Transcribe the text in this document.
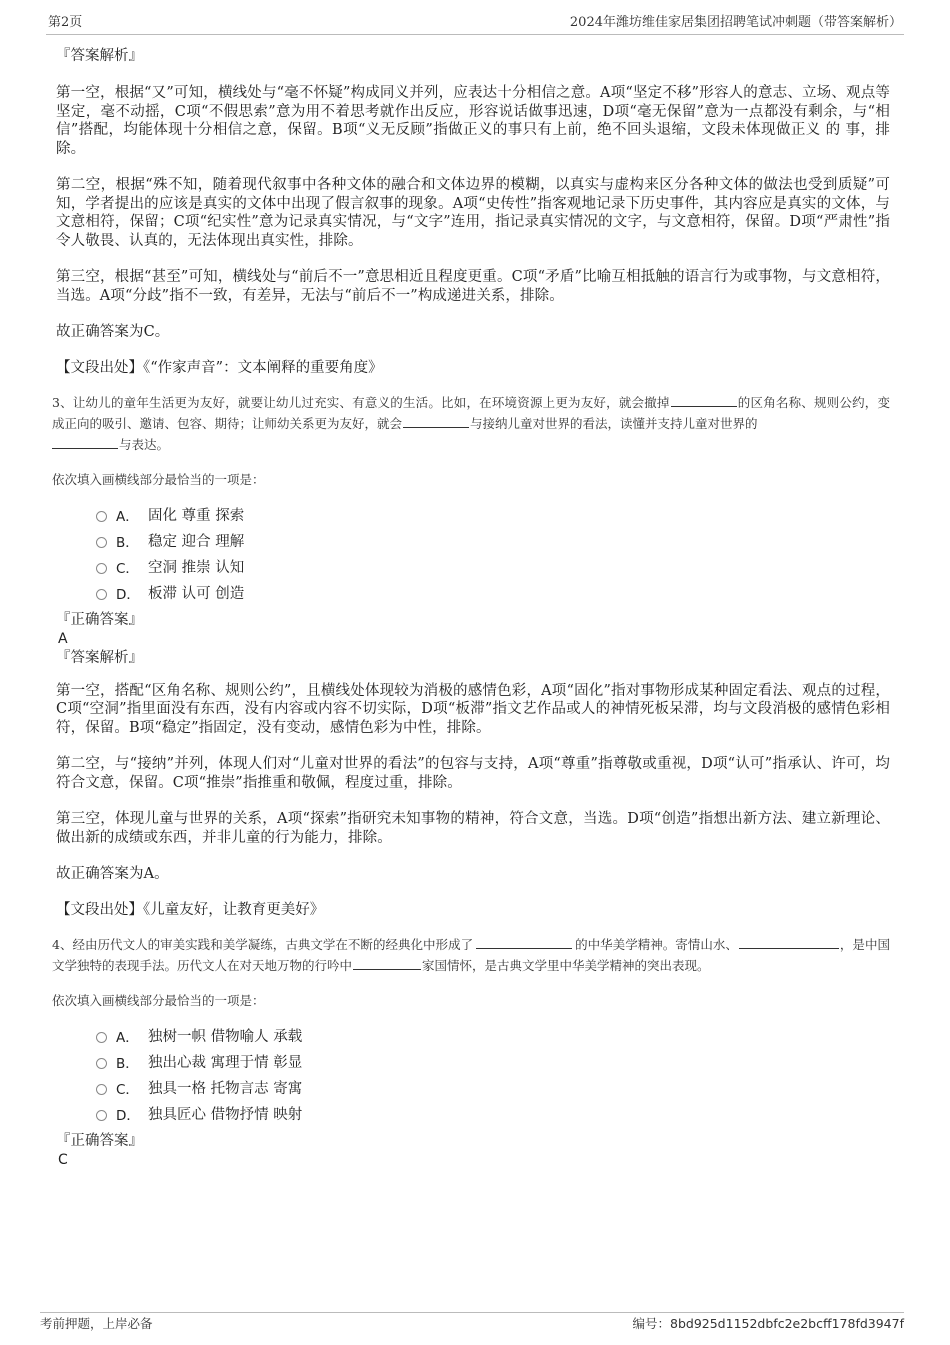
第2页	2024年潍坊维佳家居集团招聘笔试冲刺题（带答案解析）

『答案解析』

第一空，根据“又”可知，横线处与“毫不怀疑”构成同义并列，应表达十分相信之意。A项“坚定不移”形容人的意志、立场、观点等坚定，毫不动摇，C项“不假思索”意为用不着思考就作出反应，形容说话做事迅速，D项“毫无保留”意为一点都没有剩余，与“相信”搭配，均能体现十分相信之意，保留。B项“义无反顾”指做正义的事只有上前，绝不回头退缩，文段未体现做正义 的 事，排除。

第二空，根据“殊不知，随着现代叙事中各种文体的融合和文体边界的模糊，以真实与虚构来区分各种文体的做法也受到质疑”可知，学者提出的应该是真实的文体中出现了假言叙事的现象。A项“史传性”指客观地记录下历史事件，其内容应是真实的文体，与文意相符，保留；C项“纪实性”意为记录真实情况，与“文字”连用，指记录真实情况的文字，与文意相符，保留。D项“严肃性”指令人敬畏、认真的，无法体现出真实性，排除。

第三空，根据“甚至”可知，横线处与“前后不一”意思相近且程度更重。C项“矛盾”比喻互相抵触的语言行为或事物，与文意相符，当选。A项“分歧”指不一致，有差异，无法与“前后不一”构成递进关系，排除。

故正确答案为C。

【文段出处】《“作家声音”：文本阐释的重要角度》

3、让幼儿的童年生活更为友好，就要让幼儿过充实、有意义的生活。比如，在环境资源上更为友好，就会撤掉	的区角名称、规则公约，变成正向的吸引、邀请、包容、期待；让师幼关系更为友好，就会	与接纳儿童对世界的看法，读懂并支持儿童对世界的
与表达。

依次填入画横线部分最恰当的一项是：

A． 固化 尊重 探索
B． 稳定 迎合 理解
C． 空洞 推崇 认知
D． 板滞 认可 创造

『正确答案』

A

『答案解析』

第一空，搭配“区角名称、规则公约”，且横线处体现较为消极的感情色彩，A项“固化”指对事物形成某种固定看法、观点的过程，C项“空洞”指里面没有东西，没有内容或内容不切实际，D项“板滞”指文艺作品或人的神情死板呆滞，均与文段消极的感情色彩相符，保留。B项“稳定”指固定，没有变动，感情色彩为中性，排除。

第二空，与“接纳”并列，体现人们对“儿童对世界的看法”的包容与支持，A项“尊重”指尊敬或重视，D项“认可”指承认、许可，均符合文意，保留。C项“推崇”指推重和敬佩，程度过重，排除。

第三空，体现儿童与世界的关系，A项“探索”指研究未知事物的精神，符合文意，当选。D项“创造”指想出新方法、建立新理论、做出新的成绩或东西，并非儿童的行为能力，排除。

故正确答案为A。

【文段出处】《儿童友好，让教育更美好》

4、经由历代文人的审美实践和美学凝练，古典文学在不断的经典化中形成了	的中华美学精神。寄情山水、	，是中国文学独特的表现手法。历代文人在对天地万物的行吟中	家国情怀，是古典文学里中华美学精神的突出表现。

依次填入画横线部分最恰当的一项是：

A． 独树一帜 借物喻人 承载
B． 独出心裁 寓理于情 彰显
C． 独具一格 托物言志 寄寓
D． 独具匠心 借物抒情 映射

『正确答案』

C

考前押题，上岸必备	编号：8bd925d1152dbfc2e2bcff178fd3947f
